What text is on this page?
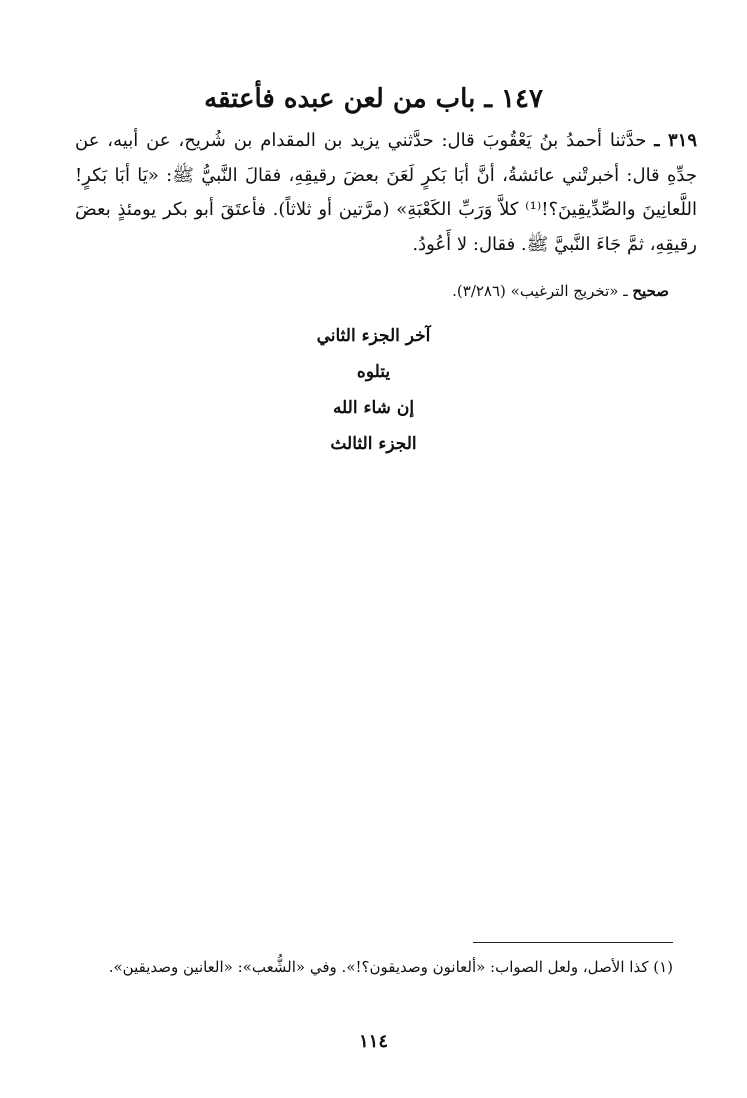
١٤٧ ـ باب من لعن عبده فأعتقه
٣١٩ ـ حدَّثنا أحمدُ بنُ يَعْقُوبَ قال: حدَّثني يزيد بن المقدام بن شُريح، عن أبيه، عن جدِّهِ قال: أخبرتْني عائشةُ، أنَّ أبَا بَكرٍ لَعَنَ بعضَ رقيقِهِ، فقالَ النَّبيُّ ﷺ: «يَا أبَا بَكرٍ! اللَّعانِينَ والصِّدِّيقِينَ؟!⁽¹⁾ كلاَّ وَرَبِّ الكَعْبَةِ» (مرَّتين أو ثلاثاً). فأعتَقَ أبو بكر يومئذٍ بعضَ رقيقِهِ، ثمَّ جَاءَ النَّبيَّ ﷺ. فقال: لا أَعُودُ.
صحيح ـ «تخريج الترغيب» (٣/٢٨٦).
آخر الجزء الثاني
يتلوه
إن شاء الله
الجزء الثالث
(١) كذا الأصل، ولعل الصواب: «ألعانون وصديقون؟!». وفي «الشُّعب»: «العانين وصديقين».
١١٤
